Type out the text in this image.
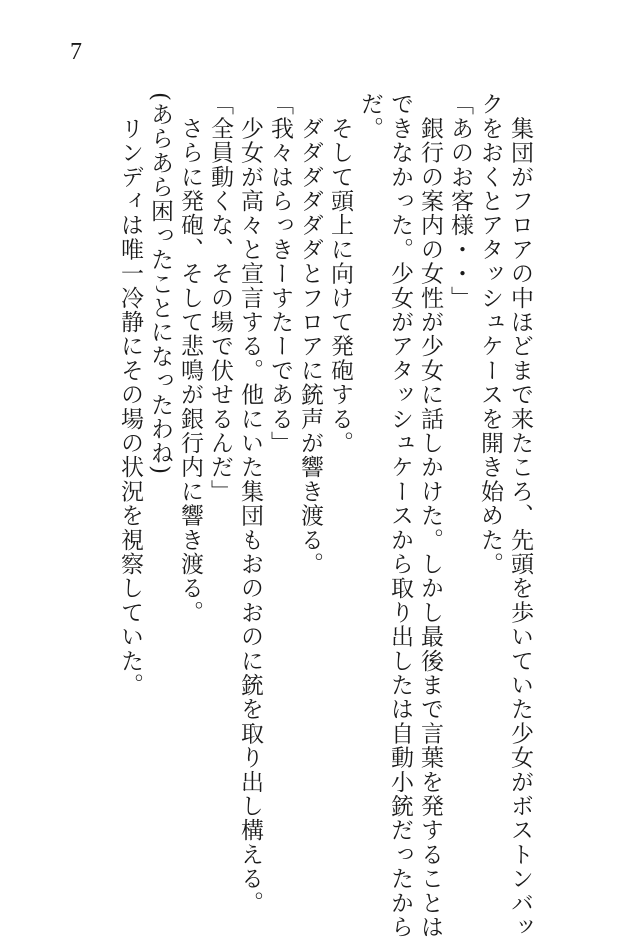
7
　集団がフロアの中ほどまで来たころ、先頭を歩いていた少女がボストンバッ
クをおくとアタッシュケースを開き始めた。
「あのお客様・・」
　銀行の案内の女性が少女に話しかけた。しかし最後まで言葉を発することは
できなかった。少女がアタッシュケースから取り出したは自動小銃だったから
だ。
　そして頭上に向けて発砲する。
　ダダダダダダとフロアに銃声が響き渡る。
「我々はらっきーすたーである」
　少女が高々と宣言する。他にいた集団もおのおのに銃を取り出し構える。
「全員動くな、その場で伏せるんだ」
　さらに発砲、そして悲鳴が銀行内に響き渡る。
(あらあら困ったことになったわね)
　リンディは唯一冷静にその場の状況を視察していた。
